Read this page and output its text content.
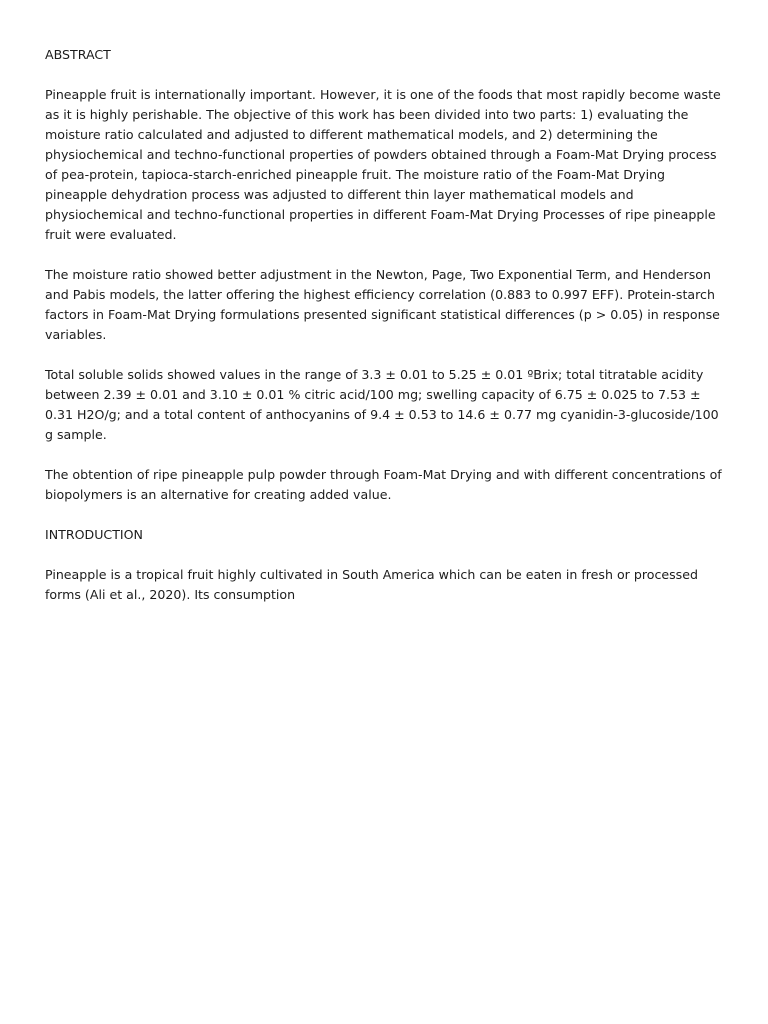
ABSTRACT

Pineapple fruit is internationally important. However, it is one of the foods that most rapidly become waste as it is highly perishable. The objective of this work has been divided into two parts: 1) evaluating the moisture ratio calculated and adjusted to different mathematical models, and 2) determining the physiochemical and techno-functional properties of powders obtained through a Foam-Mat Drying process of pea-protein, tapioca-starch-enriched pineapple fruit. The moisture ratio of the Foam-Mat Drying pineapple dehydration process was adjusted to different thin layer mathematical models and physiochemical and techno-functional properties in different Foam-Mat Drying Processes of ripe pineapple fruit were evaluated.

The moisture ratio showed better adjustment in the Newton, Page, Two Exponential Term, and Henderson and Pabis models, the latter offering the highest efficiency correlation (0.883 to 0.997 EFF). Protein-starch factors in Foam-Mat Drying formulations presented significant statistical differences (p > 0.05) in response variables.

Total soluble solids showed values in the range of 3.3 ± 0.01 to 5.25 ± 0.01 ºBrix; total titratable acidity between 2.39 ± 0.01 and 3.10 ± 0.01 % citric acid/100 mg; swelling capacity of 6.75 ± 0.025 to 7.53 ± 0.31 H2O/g; and a total content of anthocyanins of 9.4 ± 0.53 to 14.6 ± 0.77 mg cyanidin-3-glucoside/100 g sample.

The obtention of ripe pineapple pulp powder through Foam-Mat Drying and with different concentrations of biopolymers is an alternative for creating added value.

INTRODUCTION

Pineapple is a tropical fruit highly cultivated in South America which can be eaten in fresh or processed forms (Ali et al., 2020). Its consumption
